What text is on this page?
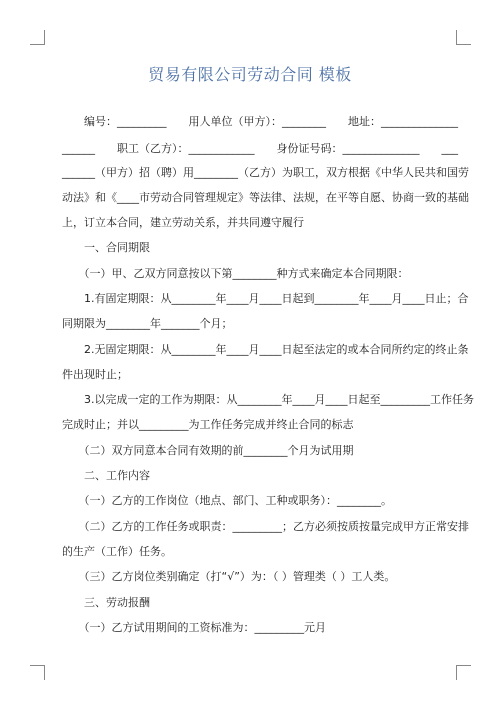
贸易有限公司劳动合同 模板
　　编号：_________　　用人单位（甲方）：________　　地址：______________
______　　职工（乙方）：____________　　身份证号码：______________　　___
______（甲方）招（聘）用________（乙方）为职工，双方根据《中华人民共和国劳
动法》和《____市劳动合同管理规定》等法律、法规，在平等自愿、协商一致的基础
上，订立本合同，建立劳动关系，并共同遵守履行
　　一、合同期限
　　（一）甲、乙双方同意按以下第________种方式来确定本合同期限：
　　1.有固定期限：从________年____月____日起到________年____月____日止；合
同期限为________年_______个月；
　　2.无固定期限：从________年____月____日起至法定的或本合同所约定的终止条
件出现时止；
　　3.以完成一定的工作为期限：从________年____月____日起至_________工作任务
完成时止；并以_________为工作任务完成并终止合同的标志
　　（二）双方同意本合同有效期的前________个月为试用期
　　二、工作内容
　　（一）乙方的工作岗位（地点、部门、工种或职务）：________。
　　（二）乙方的工作任务或职责：_________；乙方必须按质按量完成甲方正常安排
的生产（工作）任务。
　　（三）乙方岗位类别确定（打“√”）为：（ ）管理类（ ）工人类。
　　三、劳动报酬
　　（一）乙方试用期间的工资标准为：_________元月
